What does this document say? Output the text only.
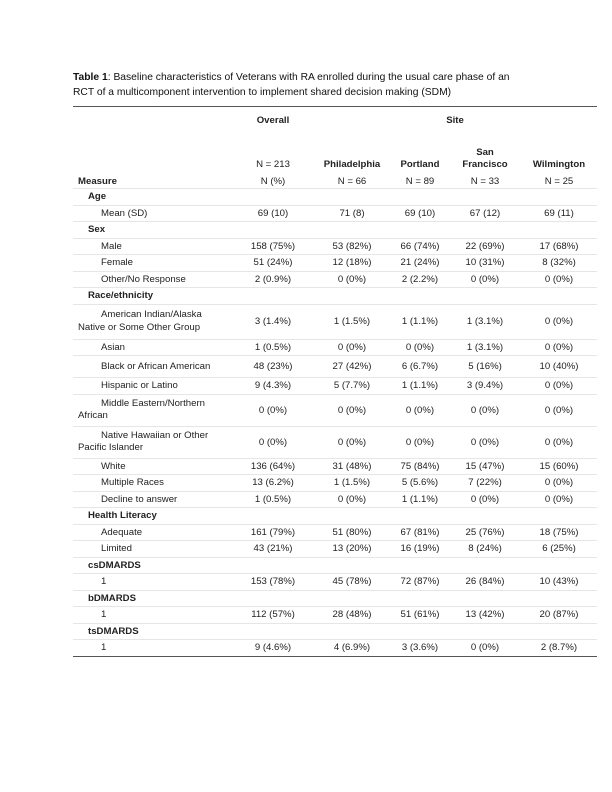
Table 1: Baseline characteristics of Veterans with RA enrolled during the usual care phase of an RCT of a multicomponent intervention to implement shared decision making (SDM)
	Overall	Site			
	N = 213	Philadelphia	Portland	San Francisco	Wilmington
Measure	N (%)	N = 66	N = 89	N = 33	N = 25
Age					
Mean (SD)	69 (10)	71 (8)	69 (10)	67 (12)	69 (11)
Sex					
Male	158 (75%)	53 (82%)	66 (74%)	22 (69%)	17 (68%)
Female	51 (24%)	12 (18%)	21 (24%)	10 (31%)	8 (32%)
Other/No Response	2 (0.9%)	0 (0%)	2 (2.2%)	0 (0%)	0 (0%)
Race/ethnicity					
American Indian/Alaska
Native or Some Other Group	3 (1.4%)	1 (1.5%)	1 (1.1%)	1 (3.1%)	0 (0%)
Asian	1 (0.5%)	0 (0%)	0 (0%)	1 (3.1%)	0 (0%)
Black or African American	48 (23%)	27 (42%)	6 (6.7%)	5 (16%)	10 (40%)
Hispanic or Latino	9 (4.3%)	5 (7.7%)	1 (1.1%)	3 (9.4%)	0 (0%)
Middle Eastern/Northern
African	0 (0%)	0 (0%)	0 (0%)	0 (0%)	0 (0%)
Native Hawaiian or Other
Pacific Islander	0 (0%)	0 (0%)	0 (0%)	0 (0%)	0 (0%)
White	136 (64%)	31 (48%)	75 (84%)	15 (47%)	15 (60%)
Multiple Races	13 (6.2%)	1 (1.5%)	5 (5.6%)	7 (22%)	0 (0%)
Decline to answer	1 (0.5%)	0 (0%)	1 (1.1%)	0 (0%)	0 (0%)
Health Literacy					
Adequate	161 (79%)	51 (80%)	67 (81%)	25 (76%)	18 (75%)
Limited	43 (21%)	13 (20%)	16 (19%)	8 (24%)	6 (25%)
csDMARDS					
1	153 (78%)	45 (78%)	72 (87%)	26 (84%)	10 (43%)
bDMARDS					
1	112 (57%)	28 (48%)	51 (61%)	13 (42%)	20 (87%)
tsDMARDS					
1	9 (4.6%)	4 (6.9%)	3 (3.6%)	0 (0%)	2 (8.7%)
